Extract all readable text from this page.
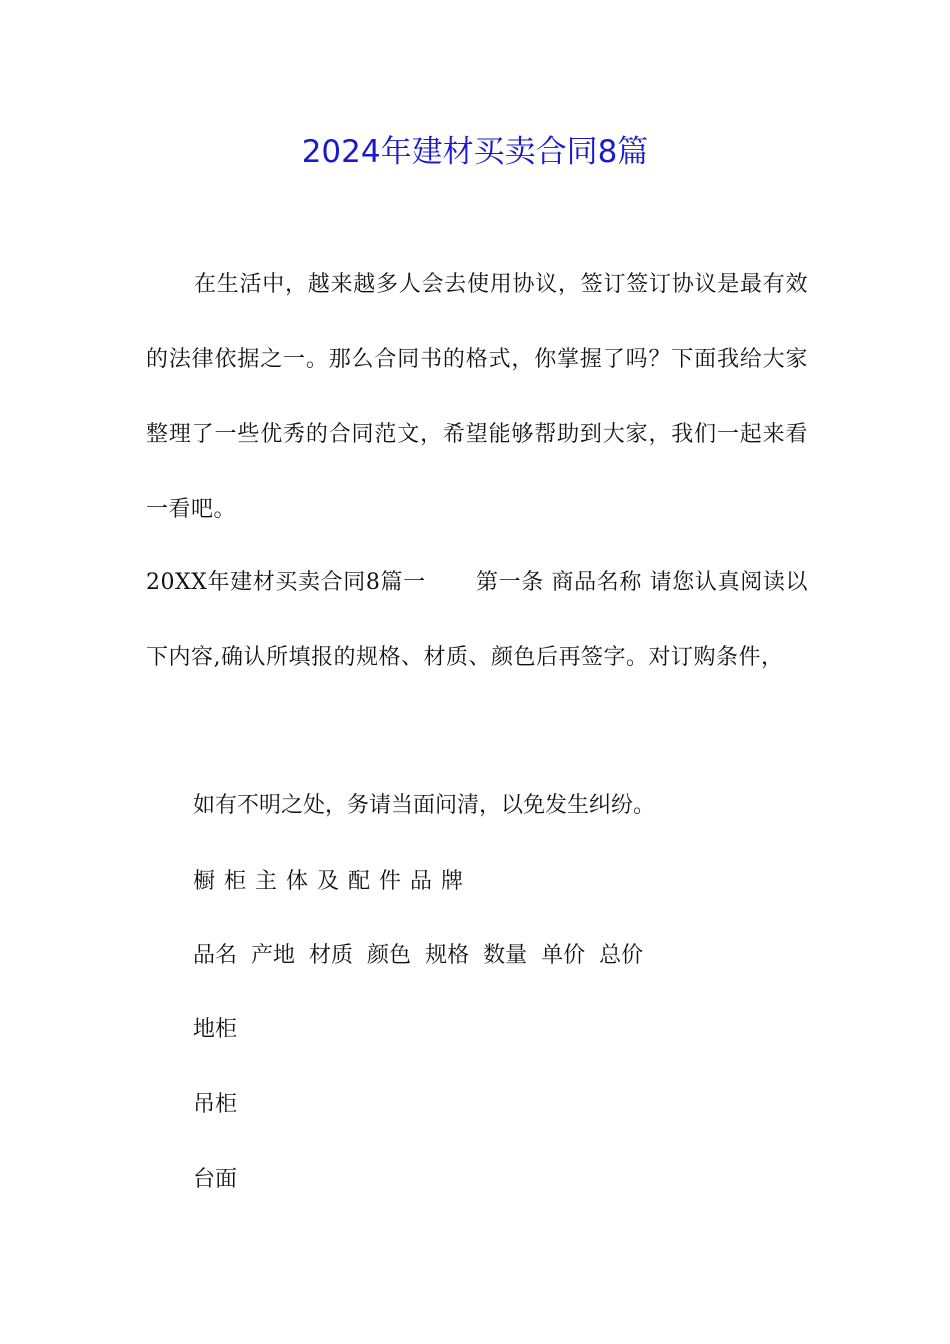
2024年建材买卖合同8篇

在生活中，越来越多人会去使用协议，签订签订协议是最有效的法律依据之一。那么合同书的格式，你掌握了吗？下面我给大家整理了一些优秀的合同范文，希望能够帮助到大家，我们一起来看一看吧。

20XX年建材买卖合同8篇一 第一条 商品名称 请您认真阅读以下内容,确认所填报的规格、材质、颜色后再签字。对订购条件，

如有不明之处，务请当面问清，以免发生纠纷。

橱柜主体及配件品牌

品名 产地 材质 颜色 规格 数量 单价 总价

地柜

吊柜

台面
